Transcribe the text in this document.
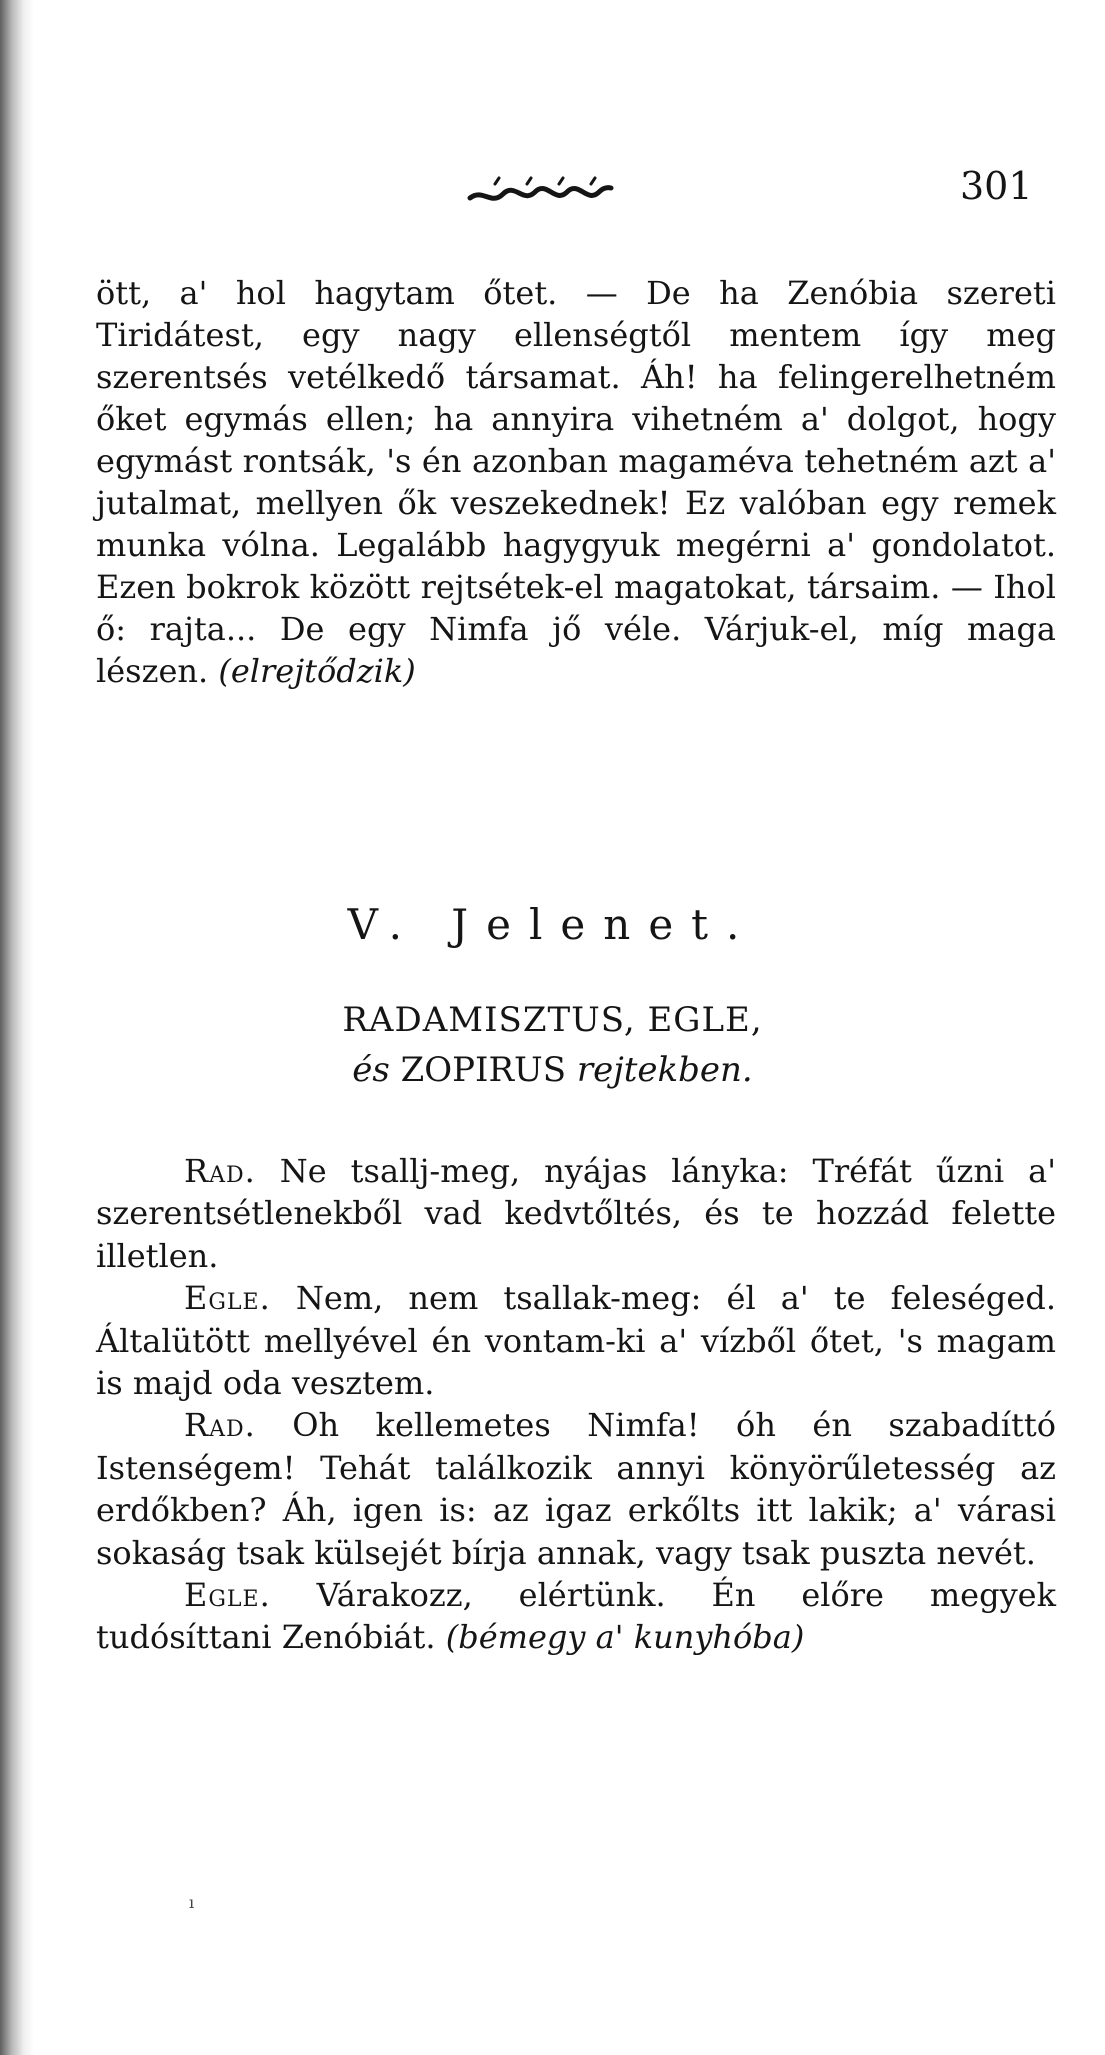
301

ött, a' hol hagytam őtet. — De ha Zenóbia szereti Tiridátest, egy nagy ellenségtől mentem így meg szerentsés vetélkedő társamat. Áh! ha felingerelhetném őket egymás ellen; ha annyira vihetném a' dolgot, hogy egymást rontsák, 's én azonban magaméva tehetném azt a' jutalmat, mellyen ők veszekednek! Ez valóban egy remek munka vólna. Legalább hagygyuk megérni a' gondolatot. Ezen bokrok között rejtsétek-el magatokat, társaim. — Ihol ő: rajta... De egy Nimfa jő véle. Várjuk-el, míg maga lészen. (elrejtődzik)

V. Jelenet.
RADAMISZTUS, EGLE,
és ZOPIRUS rejtekben.

Rad. Ne tsallj-meg, nyájas lányka: Tréfát űzni a' szerentsétlenekből vad kedvtőltés, és te hozzád felette illetlen.

Egle. Nem, nem tsallak-meg: él a' te feleséged. Általütött mellyével én vontam-ki a' vízből őtet, 's magam is majd oda vesztem.

Rad. Oh kellemetes Nimfa! óh én szabadíttó Istenségem! Tehát találkozik annyi könyörűletesség az erdőkben? Áh, igen is: az igaz erkőlts itt lakik; a' várasi sokaság tsak külsejét bírja annak, vagy tsak puszta nevét.

Egle. Várakozz, elértünk. Én előre megyek tudósíttani Zenóbiát. (bémegy a' kunyhóba)

ı
